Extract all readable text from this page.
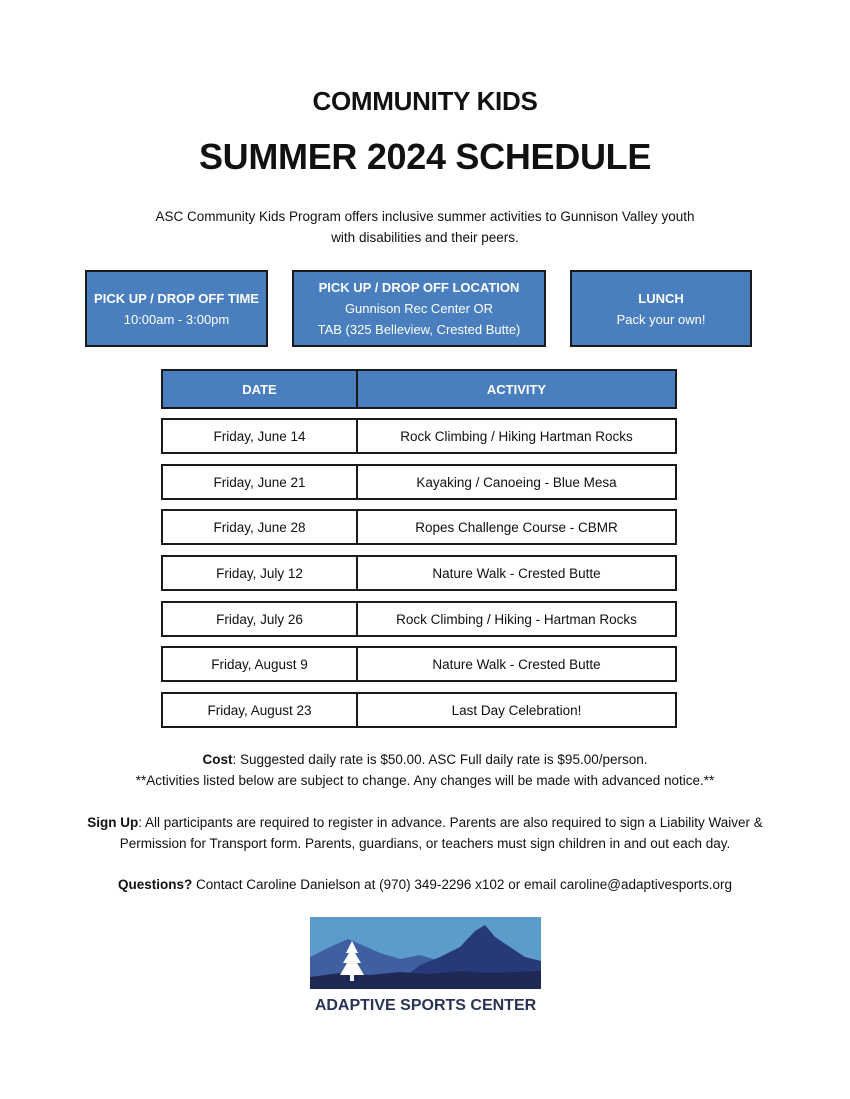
COMMUNITY KIDS
SUMMER 2024 SCHEDULE
ASC Community Kids Program offers inclusive summer activities to Gunnison Valley youth with disabilities and their peers.
PICK UP / DROP OFF TIME
10:00am - 3:00pm
PICK UP / DROP OFF LOCATION
Gunnison Rec Center OR
TAB (325 Belleview, Crested Butte)
LUNCH
Pack your own!
DATE	ACTIVITY
Friday, June 14	Rock Climbing / Hiking Hartman Rocks
Friday, June 21	Kayaking / Canoeing - Blue Mesa
Friday, June 28	Ropes Challenge Course - CBMR
Friday, July 12	Nature Walk - Crested Butte
Friday, July 26	Rock Climbing / Hiking - Hartman Rocks
Friday, August 9	Nature Walk - Crested Butte
Friday, August 23	Last Day Celebration!
Cost: Suggested daily rate is $50.00. ASC Full daily rate is $95.00/person.
**Activities listed below are subject to change. Any changes will be made with advanced notice.**
Sign Up: All participants are required to register in advance. Parents are also required to sign a Liability Waiver & Permission for Transport form. Parents, guardians, or teachers must sign children in and out each day.
Questions? Contact Caroline Danielson at (970) 349-2296 x102 or email caroline@adaptivesports.org
ADAPTIVE SPORTS CENTER
